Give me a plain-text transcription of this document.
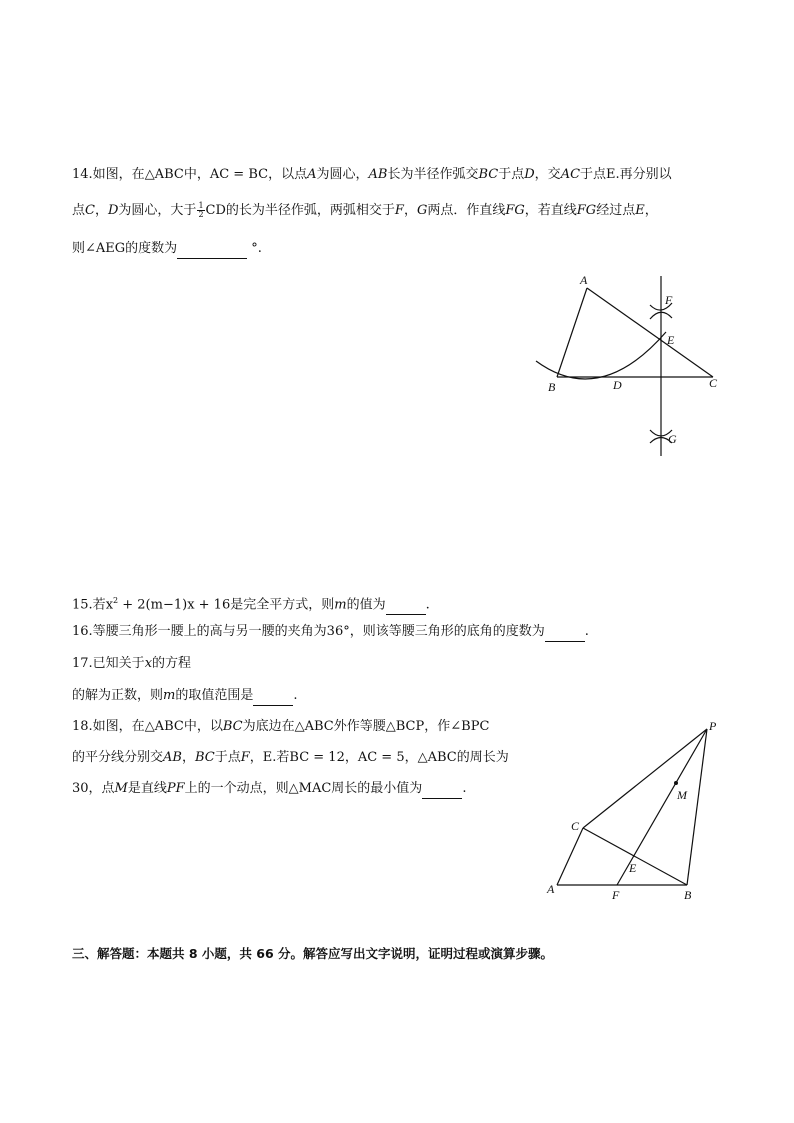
14.如图，在△ABC中，AC = BC，以点A为圆心，AB长为半径作弧交BC于点D，交AC于点E.再分别以
点C，D为圆心，大于 $\frac{1}{2}$ CD的长为半径作弧，两弧相交于F，G两点．作直线FG，若直线FG经过点E，
则∠AEG的度数为	°.
A
F
E
B	D	C
G
15.若$x^2 + 2(m-1)x + 16$是完全平方式，则m的值为	.
16.等腰三角形一腰上的高与另一腰的夹角为36°，则该等腰三角形的底角的度数为	.
17.已知关于x的方程
的解为正数，则m的取值范围是	.
18.如图，在△ABC中，以BC为底边在△ABC外作等腰△BCP，作∠BPC
的平分线分别交AB，BC于点F，E.若BC = 12，AC = 5，△ABC的周长为
30，点M是直线PF上的一个动点，则△MAC周长的最小值为	.
P
M
C
E
A	F	B
三、解答题：本题共 8 小题，共 66 分。解答应写出文字说明，证明过程或演算步骤。
